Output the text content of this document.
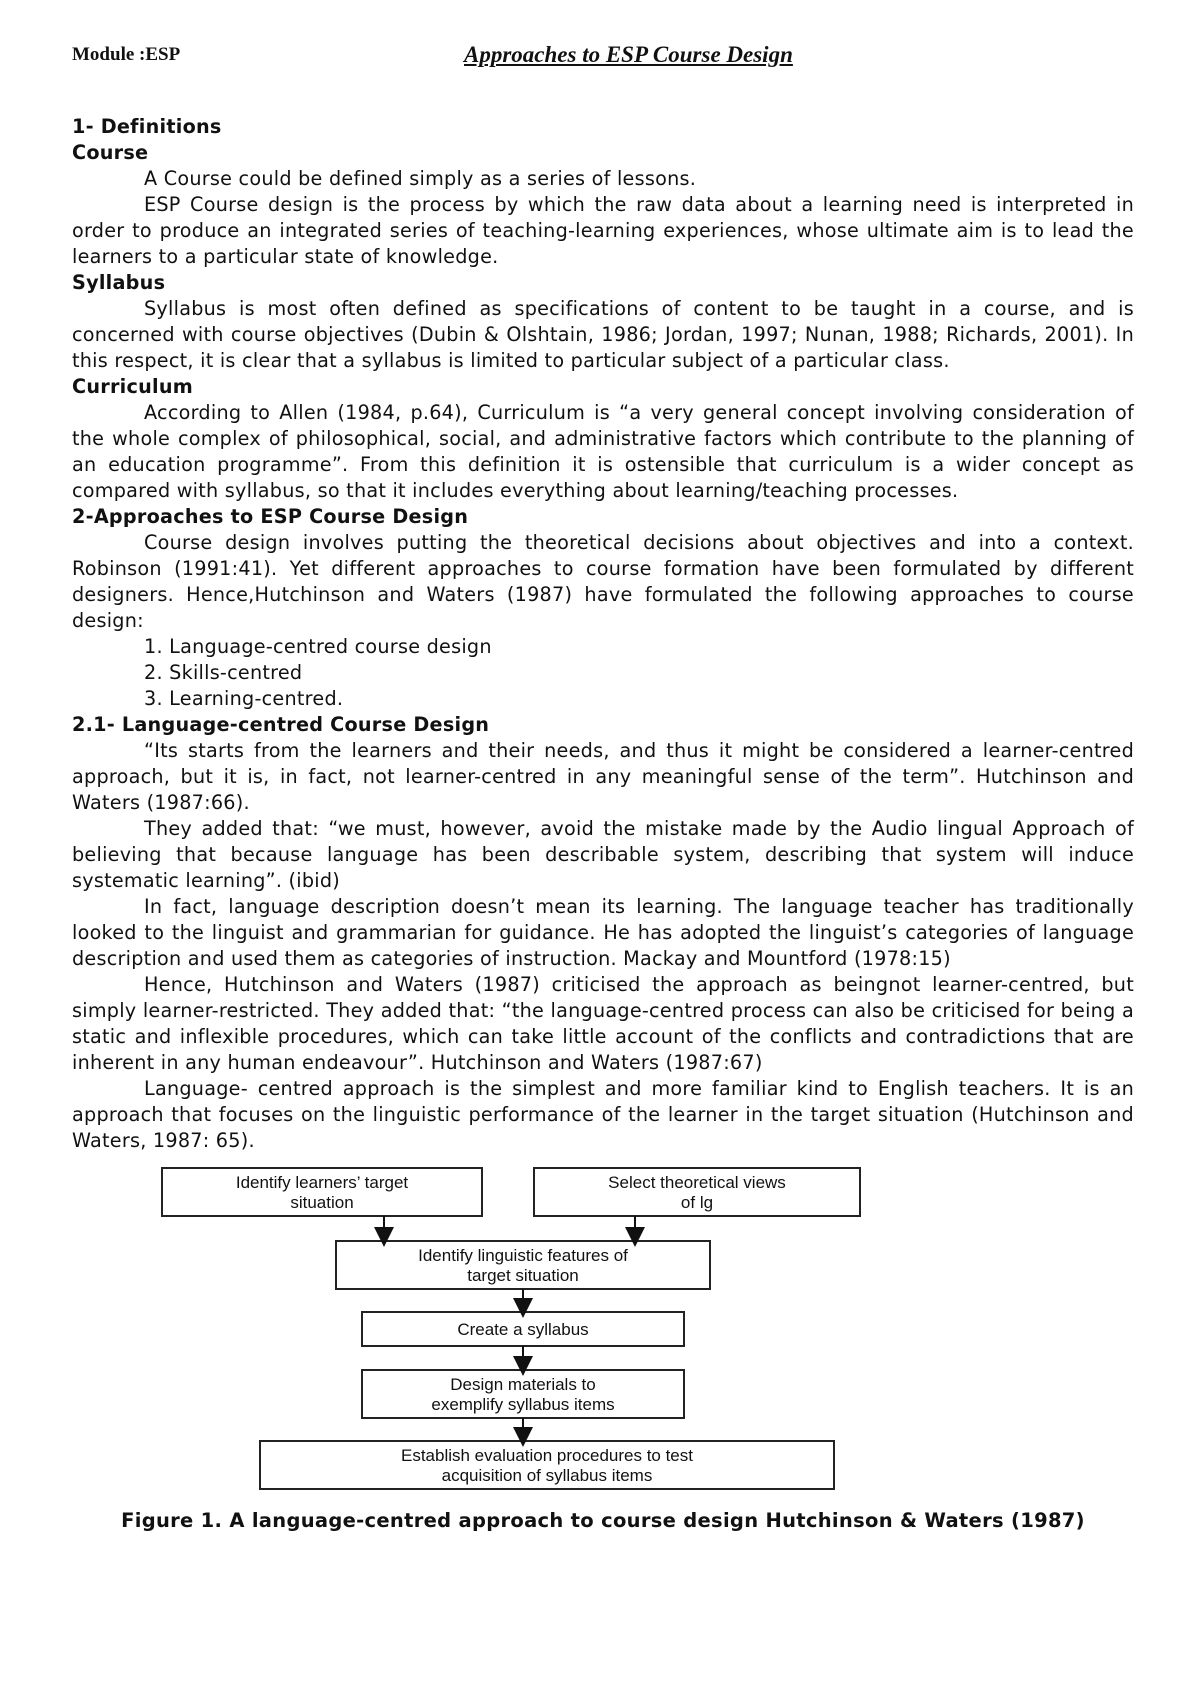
Module :ESP	Approaches to ESP Course Design

1- Definitions

Course

A Course could be defined simply as a series of lessons.

ESP Course design is the process by which the raw data about a learning need is interpreted in order to produce an integrated series of teaching-learning experiences, whose ultimate aim is to lead the learners to a particular state of knowledge.

Syllabus

Syllabus is most often defined as specifications of content to be taught in a course, and is concerned with course objectives (Dubin & Olshtain, 1986; Jordan, 1997; Nunan, 1988; Richards, 2001). In this respect, it is clear that a syllabus is limited to particular subject of a particular class.

Curriculum

According to Allen (1984, p.64), Curriculum is “a very general concept involving consideration of the whole complex of philosophical, social, and administrative factors which contribute to the planning of an education programme”. From this definition it is ostensible that curriculum is a wider concept as compared with syllabus, so that it includes everything about learning/teaching processes.

2-Approaches to ESP Course Design

Course design involves putting the theoretical decisions about objectives and into a context. Robinson (1991:41). Yet different approaches to course formation have been formulated by different designers. Hence,Hutchinson and Waters (1987) have formulated the following approaches to course design:

1. Language-centred course design

2. Skills-centred

3. Learning-centred.

2.1- Language-centred Course Design

“Its starts from the learners and their needs, and thus it might be considered a learner-centred approach, but it is, in fact, not learner-centred in any meaningful sense of the term”. Hutchinson and Waters (1987:66).

They added that: “we must, however, avoid the mistake made by the Audio lingual Approach of believing that because language has been describable system, describing that system will induce systematic learning”. (ibid)

In fact, language description doesn’t mean its learning. The language teacher has traditionally looked to the linguist and grammarian for guidance. He has adopted the linguist’s categories of language description and used them as categories of instruction. Mackay and Mountford (1978:15)

Hence, Hutchinson and Waters (1987) criticised the approach as beingnot learner-centred, but simply learner-restricted. They added that: “the language-centred process can also be criticised for being a static and inflexible procedures, which can take little account of the conflicts and contradictions that are inherent in any human endeavour”. Hutchinson and Waters (1987:67)

Language- centred approach is the simplest and more familiar kind to English teachers. It is an approach that focuses on the linguistic performance of the learner in the target situation (Hutchinson and Waters, 1987: 65).

Identify learners’ target
situation
Select theoretical views
of lg
Identify linguistic features of
target situation
Create a syllabus
Design materials to
exemplify syllabus items
Establish evaluation procedures to test
acquisition of syllabus items
Figure 1. A language-centred approach to course design Hutchinson & Waters (1987)
